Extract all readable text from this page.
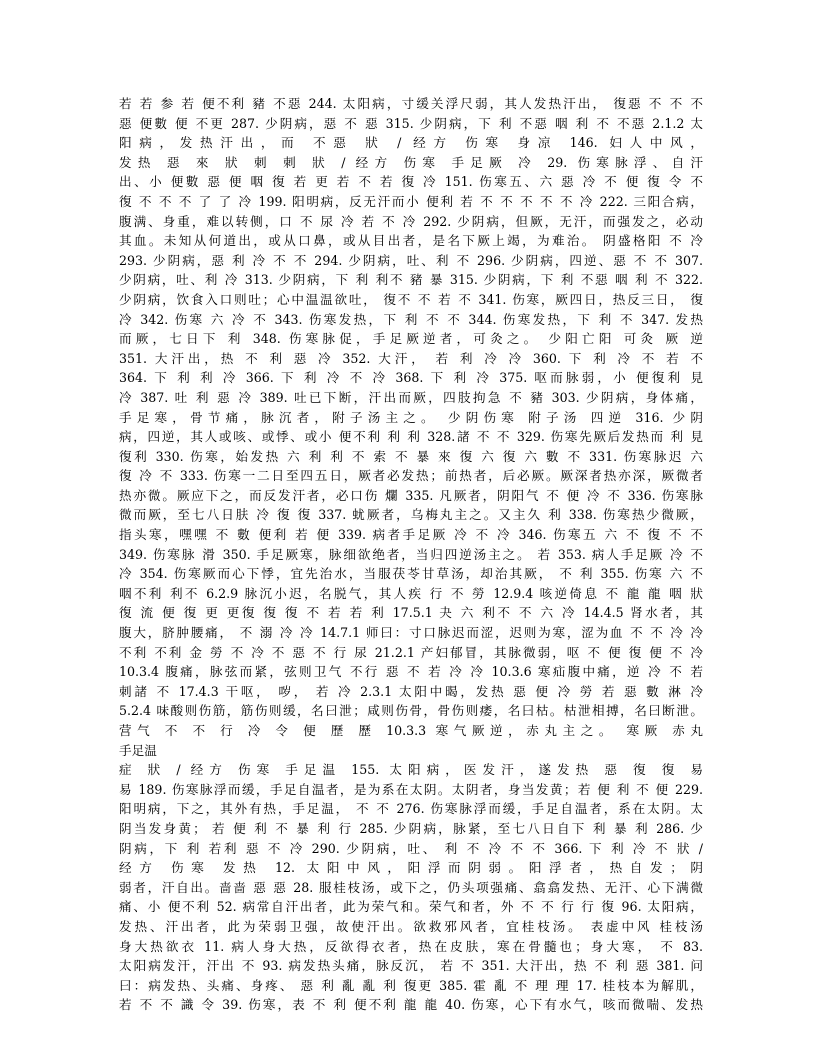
若 若 参 若 便不利 豬 不惡 244. 太阳病，寸缓关浮尺弱，其人发热汗出， 復惡 不 不 不
惡 便數 便 不更 287. 少阴病，惡 不 惡 315. 少阴病，下 利 不惡 咽 利 不 不惡 2.1.2 太
阳病，发热汗出，而 不惡 狀 / 经方 伤寒 身凉 146. 妇人中风，
发热 惡 來 狀 刺 刺 狀 / 经方 伤寒 手足厥 冷 29. 伤寒脉浮、自汗
出、小 便數 惡 便 咽 復 若 更 若 不 若 復 冷 151. 伤寒五、六 惡 冷 不 便 復 令 不
復 不 不 不 了 了 冷 199. 阳明病，反无汗而小 便利 若 不 不 不 不 不 冷 222. 三阳合病，
腹满、身重，难以转侧，口 不 尿 冷 若 不 冷 292. 少阴病，但厥，无汗，而强发之，必动
其血。未知从何道出，或从口鼻，或从目出者，是名下厥上竭，为难治。 阴盛格阳 不 冷
293. 少阴病，惡 利 冷 不 不 294. 少阴病，吐、利 不 296. 少阴病，四逆、惡 不 不 307.
少阴病，吐、利 冷 313. 少阴病，下 利 利不 豬 暴 315. 少阴病，下 利 不惡 咽 利 不 322.
少阴病，饮食入口则吐；心中温温欲吐， 復不 不 若 不 341. 伤寒，厥四日，热反三日， 復
冷 342. 伤寒 六 冷 不 343. 伤寒发热，下 利 不 不 344. 伤寒发热，下 利 不 347. 发热
而厥，七日下 利 348. 伤寒脉促，手足厥逆者，可灸之。 少阳亡阳 可灸 厥 逆
351. 大汗出，热 不 利 惡 冷 352. 大汗， 若 利 冷 冷 360. 下 利 冷 不 若 不
364. 下 利 利 冷 366. 下 利 冷 不 冷 368. 下 利 冷 375. 呕而脉弱，小 便復利 見
冷 387. 吐 利 惡 冷 389. 吐已下断，汗出而厥，四肢拘急 不 豬 303. 少阴病，身体痛，
手足寒，骨节痛，脉沉者，附子汤主之。 少阴伤寒 附子汤 四逆 316. 少阴
病，四逆，其人或咳、或悸、或小 便不利 利 利 328.諸 不 不 329. 伤寒先厥后发热而 利 見
復利 330. 伤寒，始发热 六 利 利 不 索 不 暴 來 復 六 復 六 數 不 331. 伤寒脉迟 六
復 冷 不 333. 伤寒一二日至四五日，厥者必发热；前热者，后必厥。厥深者热亦深，厥微者
热亦微。厥应下之，而反发汗者，必口伤 爛 335. 凡厥者，阴阳气 不 便 冷 不 336. 伤寒脉
微而厥，至七八日肤 冷 復 復 337. 蚘厥者，乌梅丸主之。又主久 利 338. 伤寒热少微厥，
指头寒，嘿嘿 不 數 便利 若 便 339. 病者手足厥 冷 不 冷 346. 伤寒五 六 不 復 不 不
349. 伤寒脉 滑 350. 手足厥寒，脉细欲绝者，当归四逆汤主之。 若 353. 病人手足厥 冷 不
冷 354. 伤寒厥而心下悸，宜先治水，当服茯苓甘草汤，却治其厥， 不 利 355. 伤寒 六 不
咽不利 利不 6.2.9 脉沉小迟，名脱气，其人疾 行 不 勞 12.9.4 咳逆倚息 不 龍 龍 咽 狀
復 流 便 復 更 更復 復 復 不 若 若 利 17.5.1 夬 六 利不 不 六 冷 14.4.5 肾水者，其
腹大，脐肿腰痛， 不 溺 冷 冷 14.7.1 师曰：寸口脉迟而涩，迟则为寒，涩为血 不 不 冷 冷
不利 不利 金 勞 不 冷 不 惡 不 行 尿 21.2.1 产妇郁冒，其脉微弱，呕 不 便 復 便 不 冷
10.3.4 腹痛，脉弦而紧，弦则卫气 不行 惡 不 若 冷 冷 10.3.6 寒疝腹中痛，逆 冷 不 若
刺諸 不 17.4.3 干呕， 哕， 若 冷 2.3.1 太阳中暍，发热 惡 便 冷 勞 若 惡 數 淋 冷
5.2.4 味酸则伤筋，筋伤则缓，名曰泄；咸则伤骨，骨伤则痿，名曰枯。枯泄相搏，名曰断泄。
营气 不 不 行 冷 令 便 歷 歷 10.3.3 寒气厥逆，赤丸主之。 寒厥 赤丸
手足温
症 狀 / 经方 伤寒 手足温 155. 太阳病，医发汗，遂发热 惡 復 復 易
易 189. 伤寒脉浮而缓，手足自温者，是为系在太阴。太阴者，身当发黄；若 便 利 不 便 229.
阳明病，下之，其外有热，手足温， 不 不 276. 伤寒脉浮而缓，手足自温者，系在太阴。太
阴当发身黄； 若 便 利 不 暴 利 行 285. 少阴病，脉紧，至七八日自下 利 暴 利 286. 少
阴病，下 利 若利 惡 不 冷 290. 少阴病，吐、 利 不 冷 不 不 366. 下 利 冷 不 狀 /
经方 伤寒 发热 12. 太阳中风，阳浮而阴弱。阳浮者，热自发；阴
弱者，汗自出。啬啬 惡 惡 28. 服桂枝汤，或下之，仍头项强痛、翕翕发热、无汗、心下满微
痛、小 便不利 52. 病常自汗出者，此为荣气和。荣气和者，外 不 不 行 行 復 96. 太阳病，
发热、汗出者，此为荣弱卫强，故使汗出。欲救邪风者，宜桂枝汤。 表虚中风 桂枝汤
身大热欲衣 11. 病人身大热，反欲得衣者，热在皮肤，寒在骨髓也；身大寒， 不 83.
太阳病发汗，汗出 不 93. 病发热头痛，脉反沉， 若 不 351. 大汗出，热 不 利 惡 381. 问
曰：病发热、头痛、身疼、 惡 利 亂 亂 利 復更 385. 霍 亂 不 理 理 17. 桂枝本为解肌，
若 不 不 識 令 39. 伤寒，表 不 利 便不利 龍 龍 40. 伤寒，心下有水气，咳而微喘、发热
